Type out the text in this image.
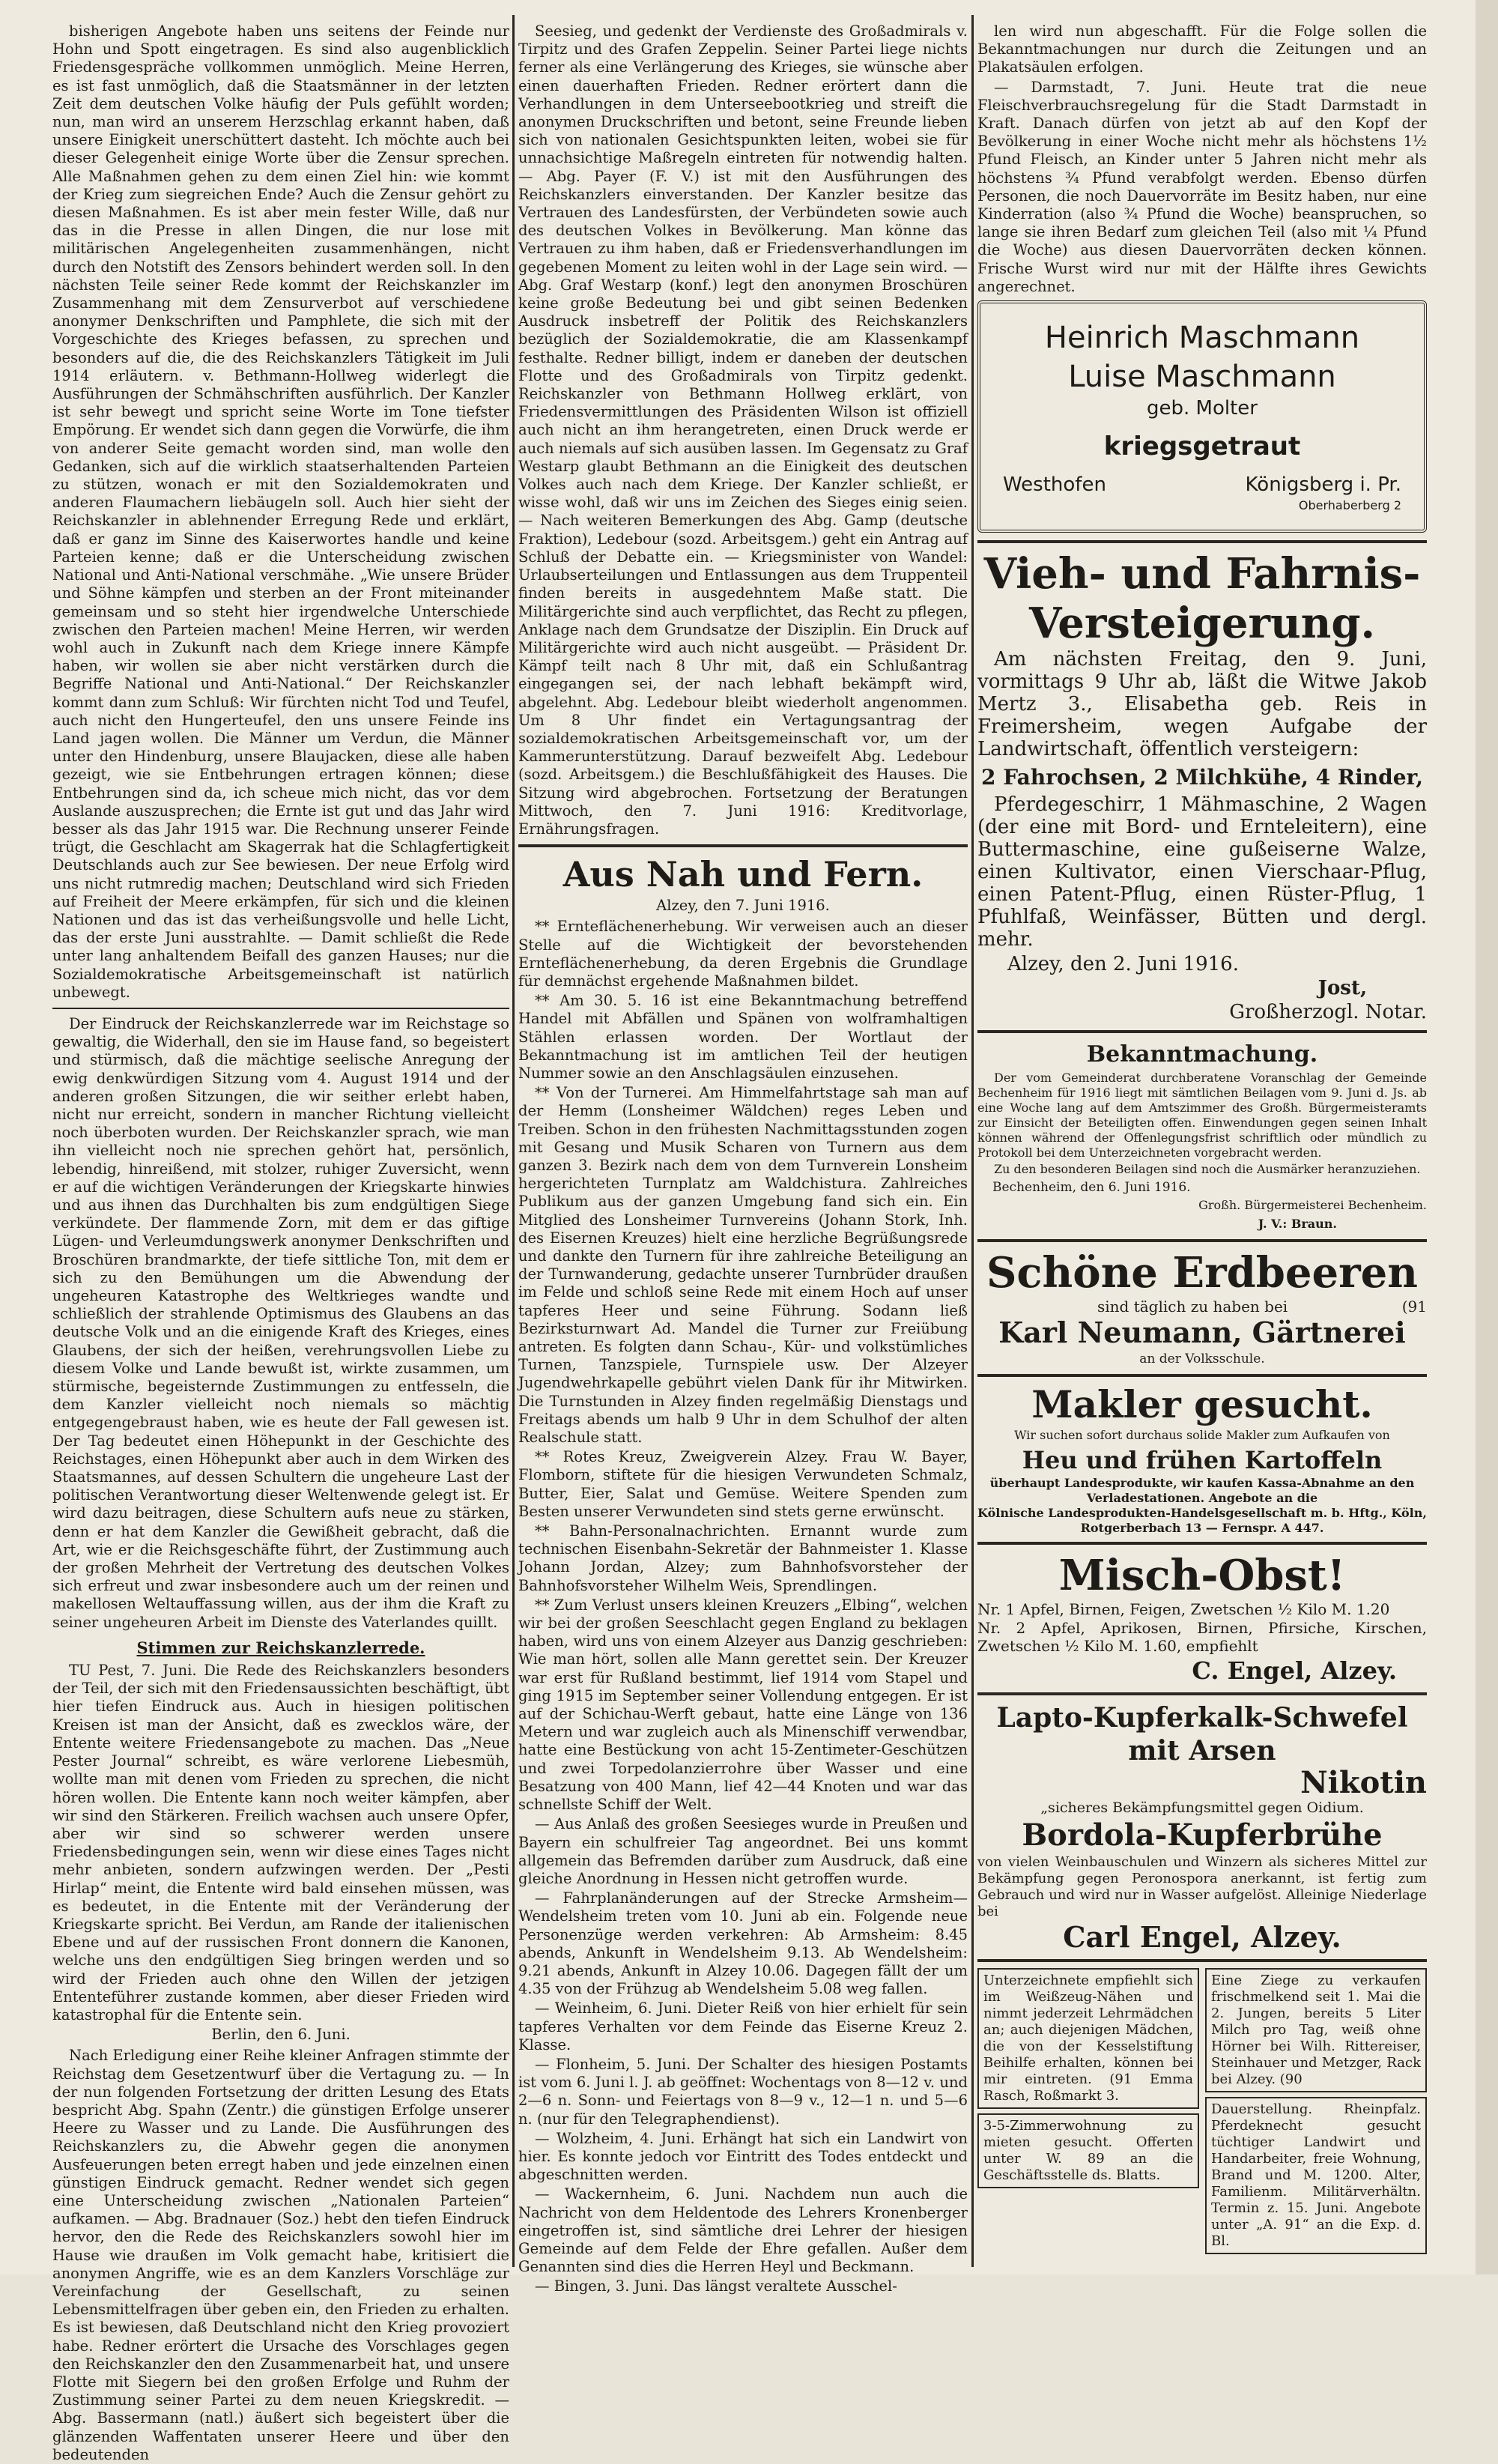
bisherigen Angebote haben uns seitens der Feinde nur Hohn und Spott eingetragen. Es sind also augenblicklich Friedensgespräche vollkommen unmöglich. Meine Herren, es ist fast unmöglich, daß die Staatsmänner in der letzten Zeit dem deutschen Volke häufig der Puls gefühlt worden; nun, man wird an unserem Herzschlag erkannt haben, daß unsere Einigkeit unerschüttert dasteht. Ich möchte auch bei dieser Gelegenheit einige Worte über die Zensur sprechen. Alle Maßnahmen gehen zu dem einen Ziel hin: wie kommt der Krieg zum siegreichen Ende? Auch die Zensur gehört zu diesen Maßnahmen. Es ist aber mein fester Wille, daß nur das in die Presse in allen Dingen, die nur lose mit militärischen Angelegenheiten zusammenhängen, nicht durch den Notstift des Zensors behindert werden soll. In den nächsten Teile seiner Rede kommt der Reichskanzler im Zusammenhang mit dem Zensurverbot auf verschiedene anonymer Denkschriften und Pamphlete, die sich mit der Vorgeschichte des Krieges befassen, zu sprechen und besonders auf die, die des Reichskanzlers Tätigkeit im Juli 1914 erläutern. v. Bethmann-Hollweg widerlegt die Ausführungen der Schmähschriften ausführlich. Der Kanzler ist sehr bewegt und spricht seine Worte im Tone tiefster Empörung. Er wendet sich dann gegen die Vorwürfe, die ihm von anderer Seite gemacht worden sind, man wolle den Gedanken, sich auf die wirklich staatserhaltenden Parteien zu stützen, wonach er mit den Sozialdemokraten und anderen Flaumachern liebäugeln soll. Auch hier sieht der Reichskanzler in ablehnender Erregung Rede und erklärt, daß er ganz im Sinne des Kaiserwortes handle und keine Parteien kenne; daß er die Unterscheidung zwischen National und Anti-National verschmähe. „Wie unsere Brüder und Söhne kämpfen und sterben an der Front miteinander gemeinsam und so steht hier irgendwelche Unterschiede zwischen den Parteien machen! Meine Herren, wir werden wohl auch in Zukunft nach dem Kriege innere Kämpfe haben, wir wollen sie aber nicht verstärken durch die Begriffe National und Anti-National.“ Der Reichskanzler kommt dann zum Schluß: Wir fürchten nicht Tod und Teufel, auch nicht den Hungerteufel, den uns unsere Feinde ins Land jagen wollen. Die Männer um Verdun, die Männer unter den Hindenburg, unsere Blaujacken, diese alle haben gezeigt, wie sie Entbehrungen ertragen können; diese Entbehrungen sind da, ich scheue mich nicht, das vor dem Auslande auszusprechen; die Ernte ist gut und das Jahr wird besser als das Jahr 1915 war. Die Rechnung unserer Feinde trügt, die Geschlacht am Skagerrak hat die Schlagfertigkeit Deutschlands auch zur See bewiesen. Der neue Erfolg wird uns nicht rutmredig machen; Deutschland wird sich Frieden auf Freiheit der Meere erkämpfen, für sich und die kleinen Nationen und das ist das verheißungsvolle und helle Licht, das der erste Juni ausstrahlte. — Damit schließt die Rede unter lang anhaltendem Beifall des ganzen Hauses; nur die Sozialdemokratische Arbeitsgemeinschaft ist natürlich unbewegt.

Der Eindruck der Reichskanzlerrede war im Reichstage so gewaltig, die Widerhall, den sie im Hause fand, so begeistert und stürmisch, daß die mächtige seelische Anregung der ewig denkwürdigen Sitzung vom 4. August 1914 und der anderen großen Sitzungen, die wir seither erlebt haben, nicht nur erreicht, sondern in mancher Richtung vielleicht noch überboten wurden. Der Reichskanzler sprach, wie man ihn vielleicht noch nie sprechen gehört hat, persönlich, lebendig, hinreißend, mit stolzer, ruhiger Zuversicht, wenn er auf die wichtigen Veränderungen der Kriegskarte hinwies und aus ihnen das Durchhalten bis zum endgültigen Siege verkündete. Der flammende Zorn, mit dem er das giftige Lügen- und Verleumdungswerk anonymer Denkschriften und Broschüren brandmarkte, der tiefe sittliche Ton, mit dem er sich zu den Bemühungen um die Abwendung der ungeheuren Katastrophe des Weltkrieges wandte und schließlich der strahlende Optimismus des Glaubens an das deutsche Volk und an die einigende Kraft des Krieges, eines Glaubens, der sich der heißen, verehrungsvollen Liebe zu diesem Volke und Lande bewußt ist, wirkte zusammen, um stürmische, begeisternde Zustimmungen zu entfesseln, die dem Kanzler vielleicht noch niemals so mächtig entgegengebraust haben, wie es heute der Fall gewesen ist. Der Tag bedeutet einen Höhepunkt in der Geschichte des Reichstages, einen Höhepunkt aber auch in dem Wirken des Staatsmannes, auf dessen Schultern die ungeheure Last der politischen Verantwortung dieser Weltenwende gelegt ist. Er wird dazu beitragen, diese Schultern aufs neue zu stärken, denn er hat dem Kanzler die Gewißheit gebracht, daß die Art, wie er die Reichsgeschäfte führt, der Zustimmung auch der großen Mehrheit der Vertretung des deutschen Volkes sich erfreut und zwar insbesondere auch um der reinen und makellosen Weltauffassung willen, aus der ihm die Kraft zu seiner ungeheuren Arbeit im Dienste des Vaterlandes quillt.

Stimmen zur Reichskanzlerrede.

TU Pest, 7. Juni. Die Rede des Reichskanzlers besonders der Teil, der sich mit den Friedensaussichten beschäftigt, übt hier tiefen Eindruck aus. Auch in hiesigen politischen Kreisen ist man der Ansicht, daß es zwecklos wäre, der Entente weitere Friedensangebote zu machen. Das „Neue Pester Journal“ schreibt, es wäre verlorene Liebesmüh, wollte man mit denen vom Frieden zu sprechen, die nicht hören wollen. Die Entente kann noch weiter kämpfen, aber wir sind den Stärkeren. Freilich wachsen auch unsere Opfer, aber wir sind so schwerer werden unsere Friedensbedingungen sein, wenn wir diese eines Tages nicht mehr anbieten, sondern aufzwingen werden. Der „Pesti Hirlap“ meint, die Entente wird bald einsehen müssen, was es bedeutet, in die Entente mit der Veränderung der Kriegskarte spricht. Bei Verdun, am Rande der italienischen Ebene und auf der russischen Front donnern die Kanonen, welche uns den endgültigen Sieg bringen werden und so wird der Frieden auch ohne den Willen der jetzigen Ententeführer zustande kommen, aber dieser Frieden wird katastrophal für die Entente sein.

Berlin, den 6. Juni.

Nach Erledigung einer Reihe kleiner Anfragen stimmte der Reichstag dem Gesetzentwurf über die Vertagung zu. — In der nun folgenden Fortsetzung der dritten Lesung des Etats bespricht Abg. Spahn (Zentr.) die günstigen Erfolge unserer Heere zu Wasser und zu Lande. Die Ausführungen des Reichskanzlers zu, die Abwehr gegen die anonymen Ausfeuerungen beten erregt haben und jede einzelnen einen günstigen Eindruck gemacht. Redner wendet sich gegen eine Unterscheidung zwischen „Nationalen Parteien“ aufkamen. — Abg. Bradnauer (Soz.) hebt den tiefen Eindruck hervor, den die Rede des Reichskanzlers sowohl hier im Hause wie draußen im Volk gemacht habe, kritisiert die anonymen Angriffe, wie es an dem Kanzlers Vorschläge zur Vereinfachung der Gesellschaft, zu seinen Lebensmittelfragen über geben ein, den Frieden zu erhalten. Es ist bewiesen, daß Deutschland nicht den Krieg provoziert habe. Redner erörtert die Ursache des Vorschlages gegen den Reichskanzler den den Zusammenarbeit hat, und unsere Flotte mit Siegern bei den großen Erfolge und Ruhm der Zustimmung seiner Partei zu dem neuen Kriegskredit. — Abg. Bassermann (natl.) äußert sich begeistert über die glänzenden Waffentaten unserer Heere und über den bedeutenden

Seesieg, und gedenkt der Verdienste des Großadmirals v. Tirpitz und des Grafen Zeppelin. Seiner Partei liege nichts ferner als eine Verlängerung des Krieges, sie wünsche aber einen dauerhaften Frieden. Redner erörtert dann die Verhandlungen in dem Unterseebootkrieg und streift die anonymen Druckschriften und betont, seine Freunde lieben sich von nationalen Gesichtspunkten leiten, wobei sie für unnachsichtige Maßregeln eintreten für notwendig halten. — Abg. Payer (F. V.) ist mit den Ausführungen des Reichskanzlers einverstanden. Der Kanzler besitze das Vertrauen des Landesfürsten, der Verbündeten sowie auch des deutschen Volkes in Bevölkerung. Man könne das Vertrauen zu ihm haben, daß er Friedensverhandlungen im gegebenen Moment zu leiten wohl in der Lage sein wird. — Abg. Graf Westarp (konf.) legt den anonymen Broschüren keine große Bedeutung bei und gibt seinen Bedenken Ausdruck insbetreff der Politik des Reichskanzlers bezüglich der Sozialdemokratie, die am Klassenkampf festhalte. Redner billigt, indem er daneben der deutschen Flotte und des Großadmirals von Tirpitz gedenkt. Reichskanzler von Bethmann Hollweg erklärt, von Friedensvermittlungen des Präsidenten Wilson ist offiziell auch nicht an ihm herangetreten, einen Druck werde er auch niemals auf sich ausüben lassen. Im Gegensatz zu Graf Westarp glaubt Bethmann an die Einigkeit des deutschen Volkes auch nach dem Kriege. Der Kanzler schließt, er wisse wohl, daß wir uns im Zeichen des Sieges einig seien. — Nach weiteren Bemerkungen des Abg. Gamp (deutsche Fraktion), Ledebour (sozd. Arbeitsgem.) geht ein Antrag auf Schluß der Debatte ein. — Kriegsminister von Wandel: Urlaubserteilungen und Entlassungen aus dem Truppenteil finden bereits in ausgedehntem Maße statt. Die Militärgerichte sind auch verpflichtet, das Recht zu pflegen, Anklage nach dem Grundsatze der Disziplin. Ein Druck auf Militärgerichte wird auch nicht ausgeübt. — Präsident Dr. Kämpf teilt nach 8 Uhr mit, daß ein Schlußantrag eingegangen sei, der nach lebhaft bekämpft wird, abgelehnt. Abg. Ledebour bleibt wiederholt angenommen. Um 8 Uhr findet ein Vertagungsantrag der sozialdemokratischen Arbeitsgemeinschaft vor, um der Kammerunterstützung. Darauf bezweifelt Abg. Ledebour (sozd. Arbeitsgem.) die Beschlußfähigkeit des Hauses. Die Sitzung wird abgebrochen. Fortsetzung der Beratungen Mittwoch, den 7. Juni 1916: Kreditvorlage, Ernährungsfragen.

Aus Nah und Fern.
Alzey, den 7. Juni 1916.

** Ernteflächenerhebung. Wir verweisen auch an dieser Stelle auf die Wichtigkeit der bevorstehenden Ernteflächenerhebung, da deren Ergebnis die Grundlage für demnächst ergehende Maßnahmen bildet.

** Am 30. 5. 16 ist eine Bekanntmachung betreffend Handel mit Abfällen und Spänen von wolframhaltigen Stählen erlassen worden. Der Wortlaut der Bekanntmachung ist im amtlichen Teil der heutigen Nummer sowie an den Anschlagsäulen einzusehen.

** Von der Turnerei. Am Himmelfahrtstage sah man auf der Hemm (Lonsheimer Wäldchen) reges Leben und Treiben. Schon in den frühesten Nachmittagsstunden zogen mit Gesang und Musik Scharen von Turnern aus dem ganzen 3. Bezirk nach dem von dem Turnverein Lonsheim hergerichteten Turnplatz am Waldchistura. Zahlreiches Publikum aus der ganzen Umgebung fand sich ein. Ein Mitglied des Lonsheimer Turnvereins (Johann Stork, Inh. des Eisernen Kreuzes) hielt eine herzliche Begrüßungsrede und dankte den Turnern für ihre zahlreiche Beteiligung an der Turnwanderung, gedachte unserer Turnbrüder draußen im Felde und schloß seine Rede mit einem Hoch auf unser tapferes Heer und seine Führung. Sodann ließ Bezirksturnwart Ad. Mandel die Turner zur Freiübung antreten. Es folgten dann Schau-, Kür- und volkstümliches Turnen, Tanzspiele, Turnspiele usw. Der Alzeyer Jugendwehrkapelle gebührt vielen Dank für ihr Mitwirken. Die Turnstunden in Alzey finden regelmäßig Dienstags und Freitags abends um halb 9 Uhr in dem Schulhof der alten Realschule statt.

** Rotes Kreuz, Zweigverein Alzey. Frau W. Bayer, Flomborn, stiftete für die hiesigen Verwundeten Schmalz, Butter, Eier, Salat und Gemüse. Weitere Spenden zum Besten unserer Verwundeten sind stets gerne erwünscht.

** Bahn-Personalnachrichten. Ernannt wurde zum technischen Eisenbahn-Sekretär der Bahnmeister 1. Klasse Johann Jordan, Alzey; zum Bahnhofsvorsteher der Bahnhofsvorsteher Wilhelm Weis, Sprendlingen.

** Zum Verlust unsers kleinen Kreuzers „Elbing“, welchen wir bei der großen Seeschlacht gegen England zu beklagen haben, wird uns von einem Alzeyer aus Danzig geschrieben: Wie man hört, sollen alle Mann gerettet sein. Der Kreuzer war erst für Rußland bestimmt, lief 1914 vom Stapel und ging 1915 im September seiner Vollendung entgegen. Er ist auf der Schichau-Werft gebaut, hatte eine Länge von 136 Metern und war zugleich auch als Minenschiff verwendbar, hatte eine Bestückung von acht 15-Zentimeter-Geschützen und zwei Torpedolanzierrohre über Wasser und eine Besatzung von 400 Mann, lief 42—44 Knoten und war das schnellste Schiff der Welt.

— Aus Anlaß des großen Seesieges wurde in Preußen und Bayern ein schulfreier Tag angeordnet. Bei uns kommt allgemein das Befremden darüber zum Ausdruck, daß eine gleiche Anordnung in Hessen nicht getroffen wurde.

— Fahrplanänderungen auf der Strecke Armsheim—Wendelsheim treten vom 10. Juni ab ein. Folgende neue Personenzüge werden verkehren: Ab Armsheim: 8.45 abends, Ankunft in Wendelsheim 9.13. Ab Wendelsheim: 9.21 abends, Ankunft in Alzey 10.06. Dagegen fällt der um 4.35 von der Frühzug ab Wendelsheim 5.08 weg fallen.

— Weinheim, 6. Juni. Dieter Reiß von hier erhielt für sein tapferes Verhalten vor dem Feinde das Eiserne Kreuz 2. Klasse.

— Flonheim, 5. Juni. Der Schalter des hiesigen Postamts ist vom 6. Juni l. J. ab geöffnet: Wochentags von 8—12 v. und 2—6 n. Sonn- und Feiertags von 8—9 v., 12—1 n. und 5—6 n. (nur für den Telegraphendienst).

— Wolzheim, 4. Juni. Erhängt hat sich ein Landwirt von hier. Es konnte jedoch vor Eintritt des Todes entdeckt und abgeschnitten werden.

— Wackernheim, 6. Juni. Nachdem nun auch die Nachricht von dem Heldentode des Lehrers Kronenberger eingetroffen ist, sind sämtliche drei Lehrer der hiesigen Gemeinde auf dem Felde der Ehre gefallen. Außer dem Genannten sind dies die Herren Heyl und Beckmann.

— Bingen, 3. Juni. Das längst veraltete Ausschel-

len wird nun abgeschafft. Für die Folge sollen die Bekanntmachungen nur durch die Zeitungen und an Plakatsäulen erfolgen.

— Darmstadt, 7. Juni. Heute trat die neue Fleischverbrauchsregelung für die Stadt Darmstadt in Kraft. Danach dürfen von jetzt ab auf den Kopf der Bevölkerung in einer Woche nicht mehr als höchstens 1½ Pfund Fleisch, an Kinder unter 5 Jahren nicht mehr als höchstens ¾ Pfund verabfolgt werden. Ebenso dürfen Personen, die noch Dauervorräte im Besitz haben, nur eine Kinderration (also ¾ Pfund die Woche) beanspruchen, so lange sie ihren Bedarf zum gleichen Teil (also mit ¼ Pfund die Woche) aus diesen Dauervorräten decken können. Frische Wurst wird nur mit der Hälfte ihres Gewichts angerechnet.

Heinrich Maschmann
Luise Maschmann
geb. Molter
kriegsgetraut
Westhofen	Königsberg i. Pr.
Oberhaberberg 2
Vieh- und Fahrnis-
Versteigerung.

Am nächsten Freitag, den 9. Juni, vormittags 9 Uhr ab, läßt die Witwe Jakob Mertz 3., Elisabetha geb. Reis in Freimersheim, wegen Aufgabe der Landwirtschaft, öffentlich versteigern:

2 Fahrochsen, 2 Milchkühe, 4 Rinder,

Pferdegeschirr, 1 Mähmaschine, 2 Wagen (der eine mit Bord- und Ernteleitern), eine Buttermaschine, eine gußeiserne Walze, einen Kultivator, einen Vierschaar-Pflug, einen Patent-Pflug, einen Rüster-Pflug, 1 Pfuhlfaß, Weinfässer, Bütten und dergl. mehr.

Alzey, den 2. Juni 1916.
Jost,
Großherzogl. Notar.
Bekanntmachung.

Der vom Gemeinderat durchberatene Voranschlag der Gemeinde Bechenheim für 1916 liegt mit sämtlichen Beilagen vom 9. Juni d. Js. ab eine Woche lang auf dem Amtszimmer des Großh. Bürgermeisteramts zur Einsicht der Beteiligten offen. Einwendungen gegen seinen Inhalt können während der Offenlegungsfrist schriftlich oder mündlich zu Protokoll bei dem Unterzeichneten vorgebracht werden.

Zu den besonderen Beilagen sind noch die Ausmärker heranzuziehen.

Bechenheim, den 6. Juni 1916.
Großh. Bürgermeisterei Bechenheim.
J. V.: Braun.
Schöne Erdbeeren
sind täglich zu haben bei	(91
Karl Neumann, Gärtnerei
an der Volksschule.
Makler gesucht.
Wir suchen sofort durchaus solide Makler zum Aufkaufen von
Heu und frühen Kartoffeln
überhaupt Landesprodukte, wir kaufen Kassa-Abnahme an den Verladestationen. Angebote an die
Kölnische Landesprodukten-Handelsgesellschaft m. b. Hftg., Köln, Rotgerberbach 13 — Fernspr. A 447.
Misch-Obst!
Nr. 1 Apfel, Birnen, Feigen, Zwetschen ½ Kilo M. 1.20
Nr. 2 Apfel, Aprikosen, Birnen, Pfirsiche, Kirschen, Zwetschen ½ Kilo M. 1.60, empfiehlt
C. Engel, Alzey.
Lapto-Kupferkalk-Schwefel mit Arsen
Nikotin
„sicheres Bekämpfungsmittel gegen Oidium.
Bordola-Kupferbrühe

von vielen Weinbauschulen und Winzern als sicheres Mittel zur Bekämpfung gegen Peronospora anerkannt, ist fertig zum Gebrauch und wird nur in Wasser aufgelöst. Alleinige Niederlage bei

Carl Engel, Alzey.

Unterzeichnete empfiehlt sich im Weißzeug-Nähen und nimmt jederzeit Lehrmädchen an; auch diejenigen Mädchen, die von der Kesselstiftung Beihilfe erhalten, können bei mir eintreten. (91 Emma Rasch, Roßmarkt 3.

3-5-Zimmerwohnung zu mieten gesucht. Offerten unter W. 89 an die Geschäftsstelle ds. Blatts.

Eine Ziege zu verkaufen frischmelkend seit 1. Mai die 2. Jungen, bereits 5 Liter Milch pro Tag, weiß ohne Hörner bei Wilh. Rittereiser, Steinhauer und Metzger, Rack bei Alzey. (90

Dauerstellung. Rheinpfalz. Pferdeknecht gesucht tüchtiger Landwirt und Handarbeiter, freie Wohnung, Brand und M. 1200. Alter, Familienm. Militärverhältn. Termin z. 15. Juni. Angebote unter „A. 91“ an die Exp. d. Bl.
